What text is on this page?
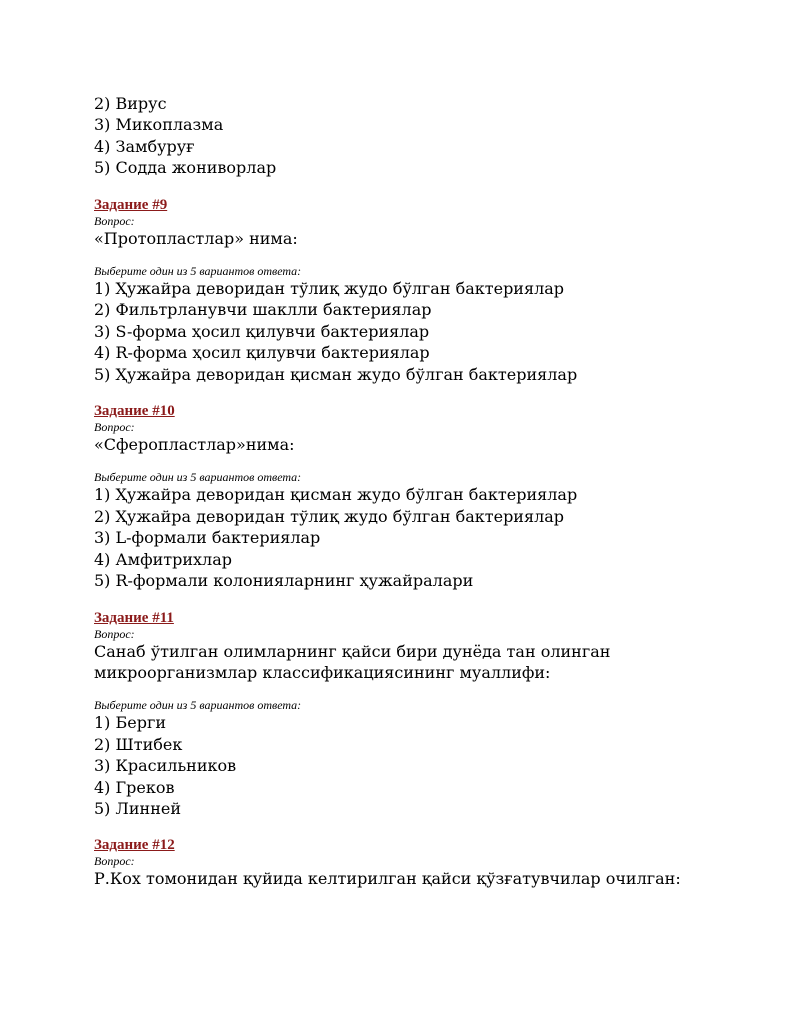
2) Вирус

3) Микоплазма

4) Замбуруғ

5) Содда жониворлар

Задание #9

Вопрос:

«Протопластлар» нима:

Выберите один из 5 вариантов ответа:

1) Ҳужайра деворидан тўлиқ жудо бўлган бактериялар

2) Фильтрланувчи шаклли бактериялар

3) S-форма ҳосил қилувчи бактериялар

4) R-форма ҳосил қилувчи бактериялар

5) Ҳужайра деворидан қисман жудо бўлган бактериялар

Задание #10

Вопрос:

«Сферопластлар»нима:

Выберите один из 5 вариантов ответа:

1) Ҳужайра деворидан қисман жудо бўлган бактериялар

2) Ҳужайра деворидан тўлиқ жудо бўлган бактериялар

3) L-формали бактериялар

4) Амфитрихлар

5) R-формали колонияларнинг ҳужайралари

Задание #11

Вопрос:

Санаб ўтилган олимларнинг қайси бири дунёда тан олинган

микроорганизмлар классификациясининг муаллифи:

Выберите один из 5 вариантов ответа:

1) Берги

2) Штибек

3) Красильников

4) Греков

5) Линней

Задание #12

Вопрос:

Р.Кох томонидан қуйида келтирилган қайси қўзғатувчилар очилган:
